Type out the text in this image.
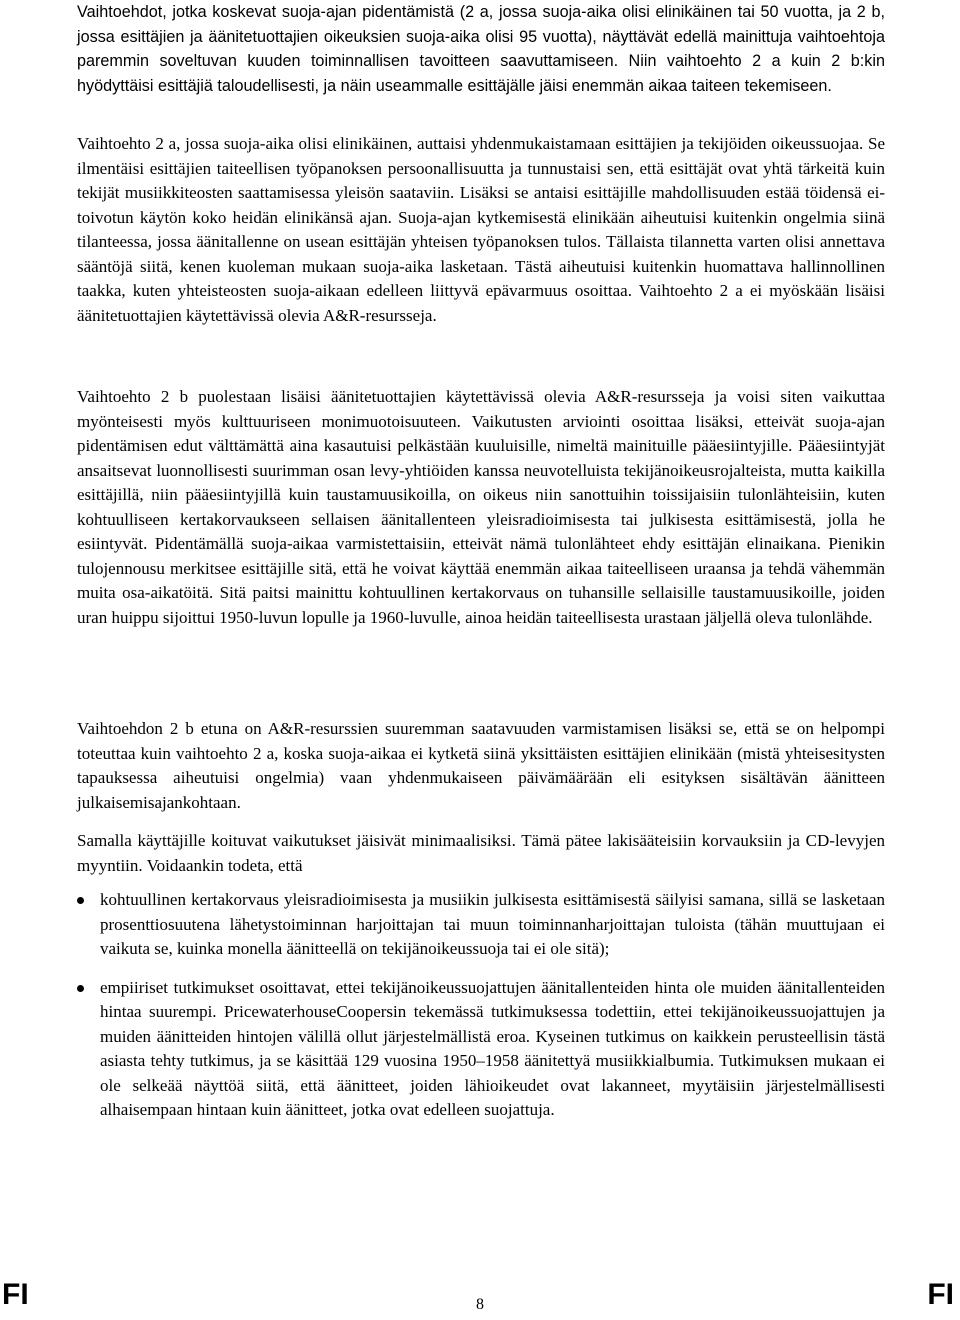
Vaihtoehdot, jotka koskevat suoja-ajan pidentämistä (2 a, jossa suoja-aika olisi elinikäinen tai 50 vuotta, ja 2 b, jossa esittäjien ja äänitetuottajien oikeuksien suoja-aika olisi 95 vuotta), näyttävät edellä mainittuja vaihtoehtoja paremmin soveltuvan kuuden toiminnallisen tavoitteen saavuttamiseen. Niin vaihtoehto 2 a kuin 2 b:kin hyödyttäisi esittäjiä taloudellisesti, ja näin useammalle esittäjälle jäisi enemmän aikaa taiteen tekemiseen.

Vaihtoehto 2 a, jossa suoja-aika olisi elinikäinen, auttaisi yhdenmukaistamaan esittäjien ja tekijöiden oikeussuojaa. Se ilmentäisi esittäjien taiteellisen työpanoksen persoonallisuutta ja tunnustaisi sen, että esittäjät ovat yhtä tärkeitä kuin tekijät musiikkiteosten saattamisessa yleisön saataviin. Lisäksi se antaisi esittäjille mahdollisuuden estää töidensä ei-toivotun käytön koko heidän elinikänsä ajan. Suoja-ajan kytkemisestä elinikään aiheutuisi kuitenkin ongelmia siinä tilanteessa, jossa äänitallenne on usean esittäjän yhteisen työpanoksen tulos. Tällaista tilannetta varten olisi annettava sääntöjä siitä, kenen kuoleman mukaan suoja-aika lasketaan. Tästä aiheutuisi kuitenkin huomattava hallinnollinen taakka, kuten yhteisteosten suoja-aikaan edelleen liittyvä epävarmuus osoittaa. Vaihtoehto 2 a ei myöskään lisäisi äänitetuottajien käytettävissä olevia A&R-resursseja.

Vaihtoehto 2 b puolestaan lisäisi äänitetuottajien käytettävissä olevia A&R-resursseja ja voisi siten vaikuttaa myönteisesti myös kulttuuriseen monimuotoisuuteen. Vaikutusten arviointi osoittaa lisäksi, etteivät suoja-ajan pidentämisen edut välttämättä aina kasautuisi pelkästään kuuluisille, nimeltä mainituille pääesiintyjille. Pääesiintyjät ansaitsevat luonnollisesti suurimman osan levy-yhtiöiden kanssa neuvotelluista tekijänoikeusrojalteista, mutta kaikilla esittäjillä, niin pääesiintyjillä kuin taustamuusikoilla, on oikeus niin sanottuihin toissijaisiin tulonlähteisiin, kuten kohtuulliseen kertakorvaukseen sellaisen äänitallenteen yleisradioimisesta tai julkisesta esittämisestä, jolla he esiintyvät. Pidentämällä suoja-aikaa varmistettaisiin, etteivät nämä tulonlähteet ehdy esittäjän elinaikana. Pienikin tulojennousu merkitsee esittäjille sitä, että he voivat käyttää enemmän aikaa taiteelliseen uraansa ja tehdä vähemmän muita osa-aikatöitä. Sitä paitsi mainittu kohtuullinen kertakorvaus on tuhansille sellaisille taustamuusikoille, joiden uran huippu sijoittui 1950-luvun lopulle ja 1960-luvulle, ainoa heidän taiteellisesta urastaan jäljellä oleva tulonlähde.

Vaihtoehdon 2 b etuna on A&R-resurssien suuremman saatavuuden varmistamisen lisäksi se, että se on helpompi toteuttaa kuin vaihtoehto 2 a, koska suoja-aikaa ei kytketä siinä yksittäisten esittäjien elinikään (mistä yhteisesitysten tapauksessa aiheutuisi ongelmia) vaan yhdenmukaiseen päivämäärään eli esityksen sisältävän äänitteen julkaisemisajankohtaan.

Samalla käyttäjille koituvat vaikutukset jäisivät minimaalisiksi. Tämä pätee lakisääteisiin korvauksiin ja CD-levyjen myyntiin. Voidaankin todeta, että

kohtuullinen kertakorvaus yleisradioimisesta ja musiikin julkisesta esittämisestä säilyisi samana, sillä se lasketaan prosenttiosuutena lähetystoiminnan harjoittajan tai muun toiminnanharjoittajan tuloista (tähän muuttujaan ei vaikuta se, kuinka monella äänitteellä on tekijänoikeussuoja tai ei ole sitä);

empiiriset tutkimukset osoittavat, ettei tekijänoikeussuojattujen äänitallenteiden hinta ole muiden äänitallenteiden hintaa suurempi. PricewaterhouseCoopersin tekemässä tutkimuksessa todettiin, ettei tekijänoikeussuojattujen ja muiden äänitteiden hintojen välillä ollut järjestelmällistä eroa. Kyseinen tutkimus on kaikkein perusteellisin tästä asiasta tehty tutkimus, ja se käsittää 129 vuosina 1950–1958 äänitettyä musiikkialbumia. Tutkimuksen mukaan ei ole selkeää näyttöä siitä, että äänitteet, joiden lähioikeudet ovat lakanneet, myytäisiin järjestelmällisesti alhaisempaan hintaan kuin äänitteet, jotka ovat edelleen suojattuja.

FI	8	FI
